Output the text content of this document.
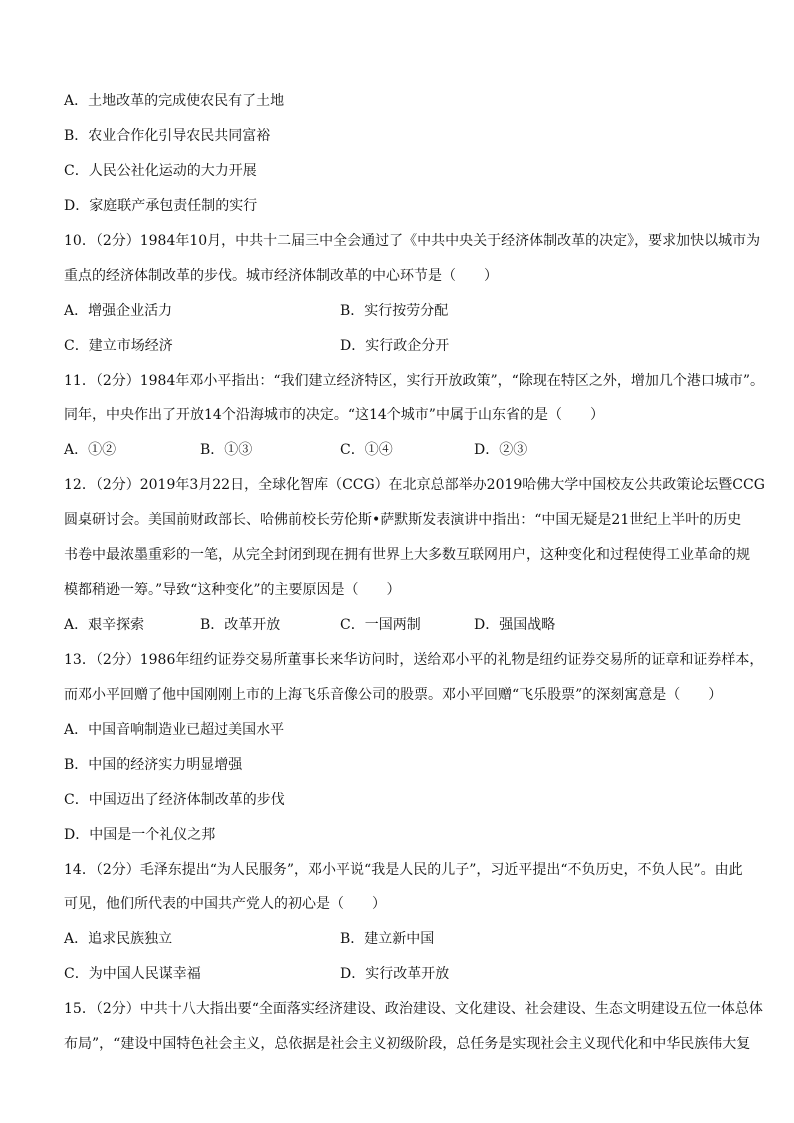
A．土地改革的完成使农民有了土地
B．农业合作化引导农民共同富裕
C．人民公社化运动的大力开展
D．家庭联产承包责任制的实行
10．（2分）1984年10月，中共十二届三中全会通过了《中共中央关于经济体制改革的决定》，要求加快以城市为
重点的经济体制改革的步伐。城市经济体制改革的中心环节是（　　）
A．增强企业活力	B．实行按劳分配
C．建立市场经济	D．实行政企分开
11．（2分）1984年邓小平指出：“我们建立经济特区，实行开放政策”，“除现在特区之外，增加几个港口城市”。
同年，中央作出了开放14个沿海城市的决定。“这14个城市”中属于山东省的是（　　）
A．①②	B．①③	C．①④	D．②③
12．（2分）2019年3月22日，全球化智库（CCG）在北京总部举办2019哈佛大学中国校友公共政策论坛暨CCG
圆桌研讨会。美国前财政部长、哈佛前校长劳伦斯•萨默斯发表演讲中指出：“中国无疑是21世纪上半叶的历史
书卷中最浓墨重彩的一笔，从完全封闭到现在拥有世界上大多数互联网用户，这种变化和过程使得工业革命的规
模都稍逊一筹。”导致“这种变化”的主要原因是（　　）
A．艰辛探索	B．改革开放	C．一国两制	D．强国战略
13．（2分）1986年纽约证券交易所董事长来华访问时，送给邓小平的礼物是纽约证券交易所的证章和证券样本，
而邓小平回赠了他中国刚刚上市的上海飞乐音像公司的股票。邓小平回赠“飞乐股票”的深刻寓意是（　　）
A．中国音响制造业已超过美国水平
B．中国的经济实力明显增强
C．中国迈出了经济体制改革的步伐
D．中国是一个礼仪之邦
14．（2分）毛泽东提出“为人民服务”，邓小平说“我是人民的儿子”，习近平提出“不负历史，不负人民”。由此
可见，他们所代表的中国共产党人的初心是（　　）
A．追求民族独立	B．建立新中国
C．为中国人民谋幸福	D．实行改革开放
15．（2分）中共十八大指出要“全面落实经济建设、政治建设、文化建设、社会建设、生态文明建设五位一体总体
布局”，“建设中国特色社会主义，总依据是社会主义初级阶段，总任务是实现社会主义现代化和中华民族伟大复
